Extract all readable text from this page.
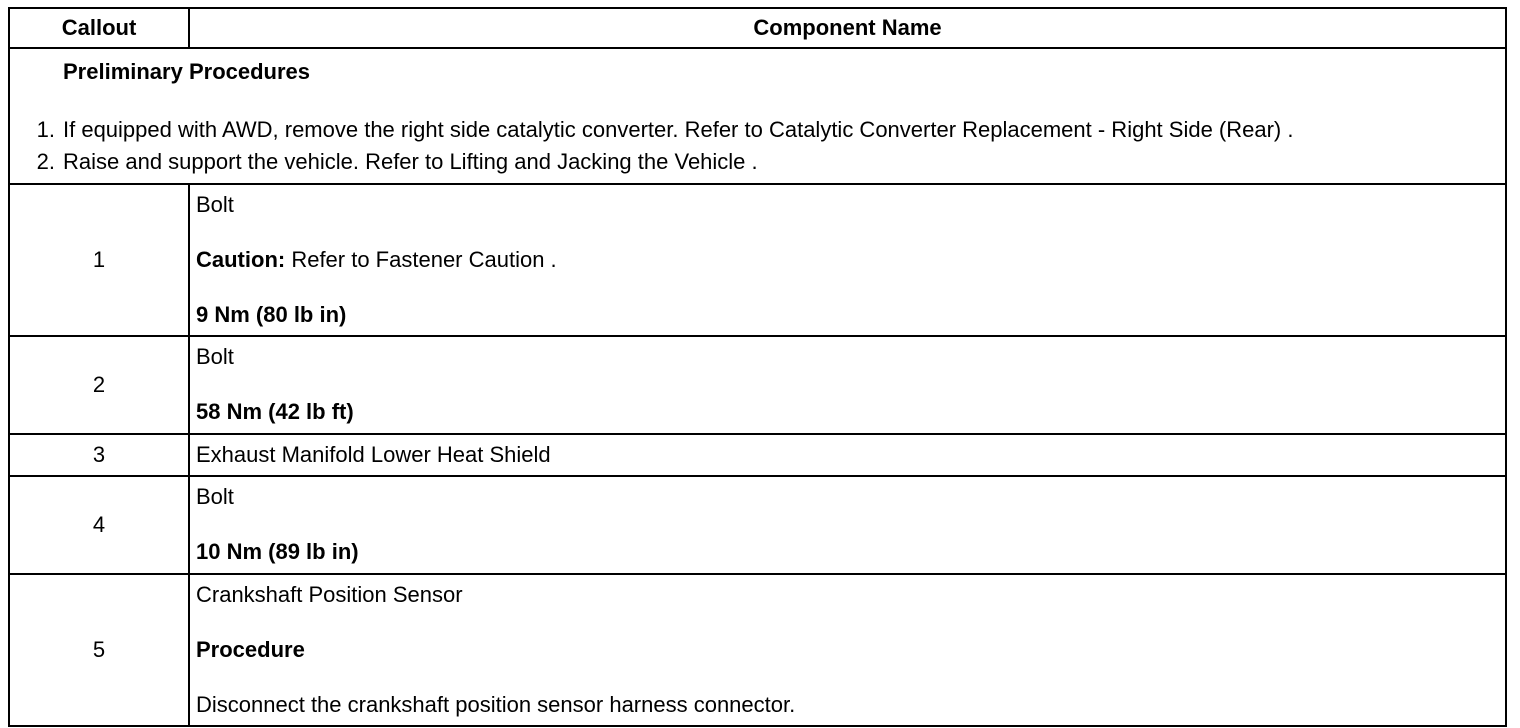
Callout	Component Name

Preliminary Procedures
1. If equipped with AWD, remove the right side catalytic converter. Refer to Catalytic Converter Replacement - Right Side (Rear) .
2. Raise and support the vehicle. Refer to Lifting and Jacking the Vehicle .	

1	Bolt
Caution: Refer to Fastener Caution .
9 Nm (80 lb in)

2	Bolt
58 Nm (42 lb ft)

3	Exhaust Manifold Lower Heat Shield

4	Bolt
10 Nm (89 lb in)

5	Crankshaft Position Sensor
Procedure
Disconnect the crankshaft position sensor harness connector.
